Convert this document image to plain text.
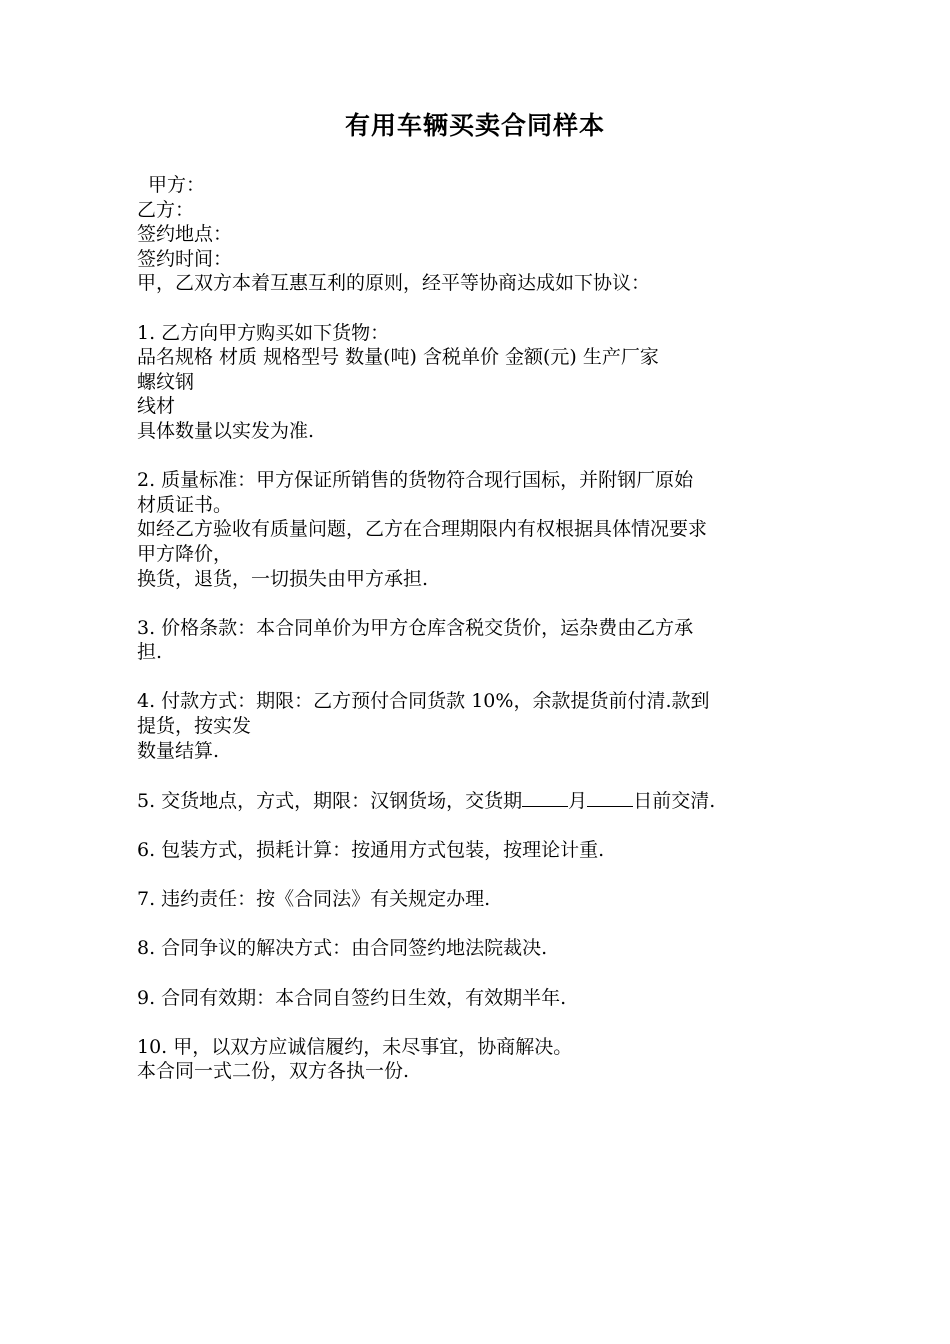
有用车辆买卖合同样本
甲方：
乙方：
签约地点：
签约时间：
甲，乙双方本着互惠互利的原则，经平等协商达成如下协议：
1. 乙方向甲方购买如下货物：
品名规格 材质 规格型号 数量(吨) 含税单价 金额(元) 生产厂家
螺纹钢
线材
具体数量以实发为准.
2. 质量标准：甲方保证所销售的货物符合现行国标，并附钢厂原始
材质证书。
如经乙方验收有质量问题，乙方在合理期限内有权根据具体情况要求
甲方降价，
换货，退货，一切损失由甲方承担.
3. 价格条款：本合同单价为甲方仓库含税交货价，运杂费由乙方承
担.
4. 付款方式：期限：乙方预付合同货款 10%，余款提货前付清.款到
提货，按实发
数量结算.
5. 交货地点，方式，期限：汉钢货场，交货期 月 日前交清.
6. 包装方式，损耗计算：按通用方式包装，按理论计重.
7. 违约责任：按《合同法》有关规定办理.
8. 合同争议的解决方式：由合同签约地法院裁决.
9. 合同有效期：本合同自签约日生效，有效期半年.
10. 甲，以双方应诚信履约，未尽事宜，协商解决。
本合同一式二份，双方各执一份.
